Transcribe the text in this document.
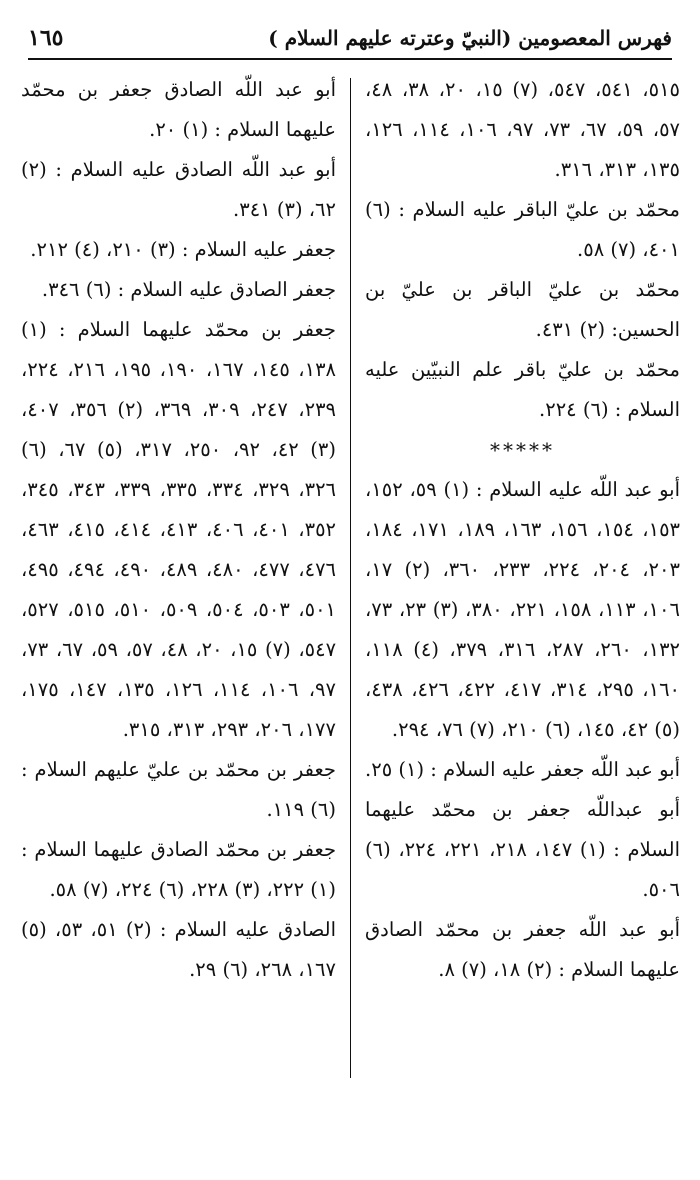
فهرس المعصومين (النبيّ وعترته عليهم السلام )
١٦٥

٥١٥، ٥٤١، ٥٤٧، (٧) ١٥، ٢٠، ٣٨، ٤٨، ٥٧، ٥٩، ٦٧، ٧٣، ٩٧، ١٠٦، ١١٤، ١٢٦، ١٣٥، ٣١٣، ٣١٦.

محمّد بن عليّ الباقر عليه السلام : (٦) ٤٠١، (٧) ٥٨.

محمّد بن عليّ الباقر بن عليّ بن الحسين: (٢) ٤٣١.

محمّد بن عليّ باقر علم النبيّين عليه السلام : (٦) ٢٢٤.

*****

أبو عبد اللّه عليه السلام : (١) ٥٩، ١٥٢، ١٥٣، ١٥٤، ١٥٦، ١٦٣، ١٨٩، ١٧١، ١٨٤، ٢٠٣، ٢٠٤، ٢٢٤، ٢٣٣، ٣٦٠، (٢) ١٧، ١٠٦، ١١٣، ١٥٨، ٢٢١، ٣٨٠، (٣) ٢٣، ٧٣، ١٣٢، ٢٦٠، ٢٨٧، ٣١٦، ٣٧٩، (٤) ١١٨، ١٦٠، ٢٩٥، ٣١٤، ٤١٧، ٤٢٢، ٤٢٦، ٤٣٨، (٥) ٤٢، ١٤٥، (٦) ٢١٠، (٧) ٧٦، ٢٩٤.

أبو عبد اللّه جعفر عليه السلام : (١) ٢٥.

أبو عبداللّه جعفر بن محمّد عليهما السلام : (١) ١٤٧، ٢١٨، ٢٢١، ٢٢٤، (٦) ٥٠٦.

أبو عبد اللّه جعفر بن محمّد الصادق عليهما السلام : (٢) ١٨، (٧) ٨.

أبو عبد اللّه الصادق جعفر بن محمّد عليهما السلام : (١) ٢٠.

أبو عبد اللّه الصادق عليه السلام : (٢) ٦٢، (٣) ٣٤١.

جعفر عليه السلام : (٣) ٢١٠، (٤) ٢١٢.

جعفر الصادق عليه السلام : (٦) ٣٤٦.

جعفر بن محمّد عليهما السلام : (١) ١٣٨، ١٤٥، ١٦٧، ١٩٠، ١٩٥، ٢١٦، ٢٢٤، ٢٣٩، ٢٤٧، ٣٠٩، ٣٦٩، (٢) ٣٥٦، ٤٠٧، (٣) ٤٢، ٩٢، ٢٥٠، ٣١٧، (٥) ٦٧، (٦) ٣٢٦، ٣٢٩، ٣٣٤، ٣٣٥، ٣٣٩، ٣٤٣، ٣٤٥، ٣٥٢، ٤٠١، ٤٠٦، ٤١٣، ٤١٤، ٤١٥، ٤٦٣، ٤٧٦، ٤٧٧، ٤٨٠، ٤٨٩، ٤٩٠، ٤٩٤، ٤٩٥، ٥٠١، ٥٠٣، ٥٠٤، ٥٠٩، ٥١٠، ٥١٥، ٥٢٧، ٥٤٧، (٧) ١٥، ٢٠، ٤٨، ٥٧، ٥٩، ٦٧، ٧٣، ٩٧، ١٠٦، ١١٤، ١٢٦، ١٣٥، ١٤٧، ١٧٥، ١٧٧، ٢٠٦، ٢٩٣، ٣١٣، ٣١٥.

جعفر بن محمّد بن عليّ عليهم السلام : (٦) ١١٩.

جعفر بن محمّد الصادق عليهما السلام : (١) ٢٢٢، (٣) ٢٢٨، (٦) ٢٢٤، (٧) ٥٨.

الصادق عليه السلام : (٢) ٥١، ٥٣، (٥) ١٦٧، ٢٦٨، (٦) ٢٩.
